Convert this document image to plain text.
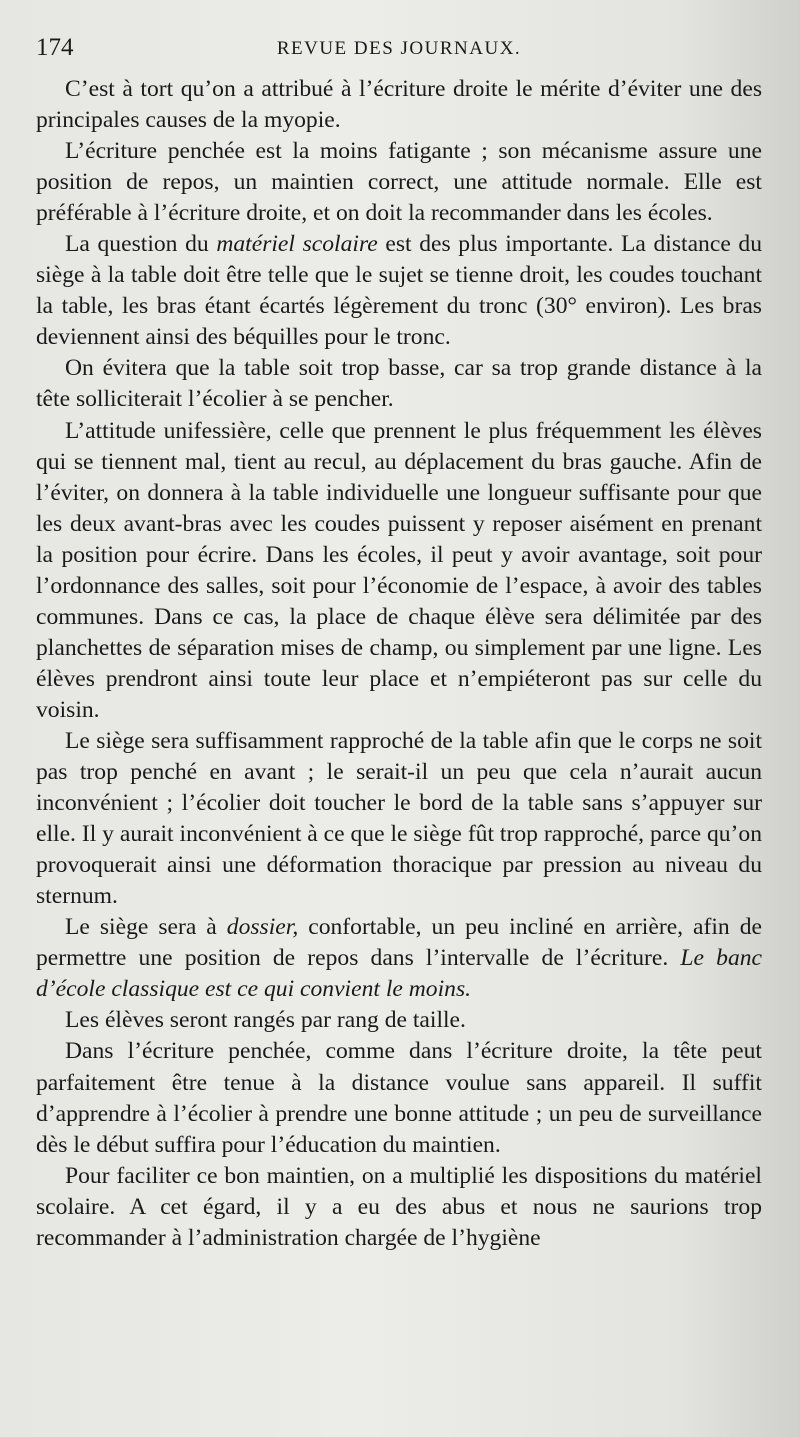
174	REVUE DES JOURNAUX.

C’est à tort qu’on a attribué à l’écriture droite le mérite d’éviter une des principales causes de la myopie.

L’écriture penchée est la moins fatigante ; son mécanisme assure une position de repos, un maintien correct, une attitude normale. Elle est préférable à l’écriture droite, et on doit la recommander dans les écoles.

La question du matériel scolaire est des plus importante. La distance du siège à la table doit être telle que le sujet se tienne droit, les coudes touchant la table, les bras étant écartés légèrement du tronc (30° environ). Les bras deviennent ainsi des béquilles pour le tronc.

On évitera que la table soit trop basse, car sa trop grande distance à la tête solliciterait l’écolier à se pencher.

L’attitude unifessière, celle que prennent le plus fréquemment les élèves qui se tiennent mal, tient au recul, au déplacement du bras gauche. Afin de l’éviter, on donnera à la table individuelle une longueur suffisante pour que les deux avant-bras avec les coudes puissent y reposer aisément en prenant la position pour écrire. Dans les écoles, il peut y avoir avantage, soit pour l’ordonnance des salles, soit pour l’économie de l’espace, à avoir des tables communes. Dans ce cas, la place de chaque élève sera délimitée par des planchettes de séparation mises de champ, ou simplement par une ligne. Les élèves prendront ainsi toute leur place et n’empiéteront pas sur celle du voisin.

Le siège sera suffisamment rapproché de la table afin que le corps ne soit pas trop penché en avant ; le serait-il un peu que cela n’aurait aucun inconvénient ; l’écolier doit toucher le bord de la table sans s’appuyer sur elle. Il y aurait inconvénient à ce que le siège fût trop rapproché, parce qu’on provoquerait ainsi une déformation thoracique par pression au niveau du sternum.

Le siège sera à dossier, confortable, un peu incliné en arrière, afin de permettre une position de repos dans l’intervalle de l’écriture. Le banc d’école classique est ce qui convient le moins.

Les élèves seront rangés par rang de taille.

Dans l’écriture penchée, comme dans l’écriture droite, la tête peut parfaitement être tenue à la distance voulue sans appareil. Il suffit d’apprendre à l’écolier à prendre une bonne attitude ; un peu de surveillance dès le début suffira pour l’éducation du maintien.

Pour faciliter ce bon maintien, on a multiplié les dispositions du matériel scolaire. A cet égard, il y a eu des abus et nous ne saurions trop recommander à l’administration chargée de l’hygiène
